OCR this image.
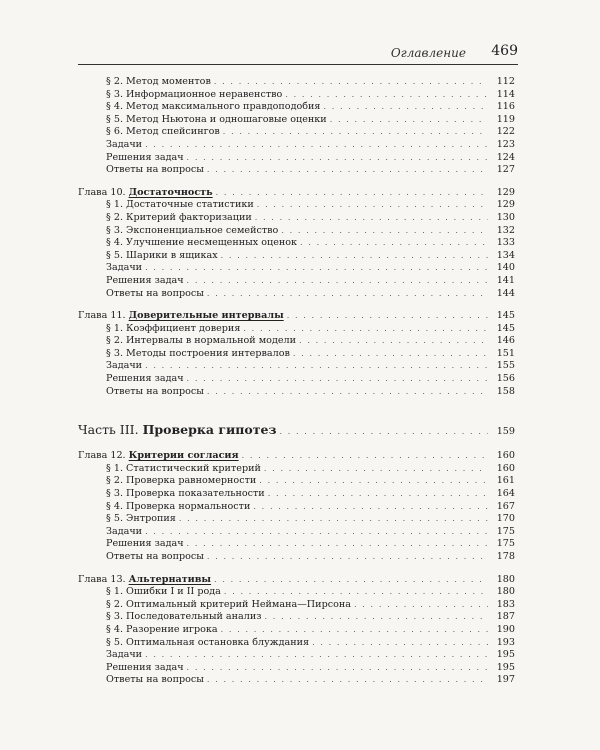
Оглавление 469
§ 2. Метод моментов . . .	112
§ 3. Информационное неравенство . . .	114
§ 4. Метод максимального правдоподобия . . .	116
§ 5. Метод Ньютона и одношаговые оценки . . .	119
§ 6. Метод спейсингов . . .	122
Задачи . . .	123
Решения задач . . .	124
Ответы на вопросы . . .	127
Глава 10. Достаточность . . .	129
§ 1. Достаточные статистики . . .	129
§ 2. Критерий факторизации . . .	130
§ 3. Экспоненциальное семейство . . .	132
§ 4. Улучшение несмещенных оценок . . .	133
§ 5. Шарики в ящиках . . .	134
Задачи . . .	140
Решения задач . . .	141
Ответы на вопросы . . .	144
Глава 11. Доверительные интервалы . . .	145
§ 1. Коэффициент доверия . . .	145
§ 2. Интервалы в нормальной модели . . .	146
§ 3. Методы построения интервалов . . .	151
Задачи . . .	155
Решения задач . . .	156
Ответы на вопросы . . .	158
Часть III. Проверка гипотез . . .	159
Глава 12. Критерии согласия . . .	160
§ 1. Статистический критерий . . .	160
§ 2. Проверка равномерности . . .	161
§ 3. Проверка показательности . . .	164
§ 4. Проверка нормальности . . .	167
§ 5. Энтропия . . .	170
Задачи . . .	175
Решения задач . . .	175
Ответы на вопросы . . .	178
Глава 13. Альтернативы . . .	180
§ 1. Ошибки I и II рода . . .	180
§ 2. Оптимальный критерий Неймана—Пирсона . . .	183
§ 3. Последовательный анализ . . .	187
§ 4. Разорение игрока . . .	190
§ 5. Оптимальная остановка блуждания . . .	193
Задачи . . .	195
Решения задач . . .	195
Ответы на вопросы . . .	197
